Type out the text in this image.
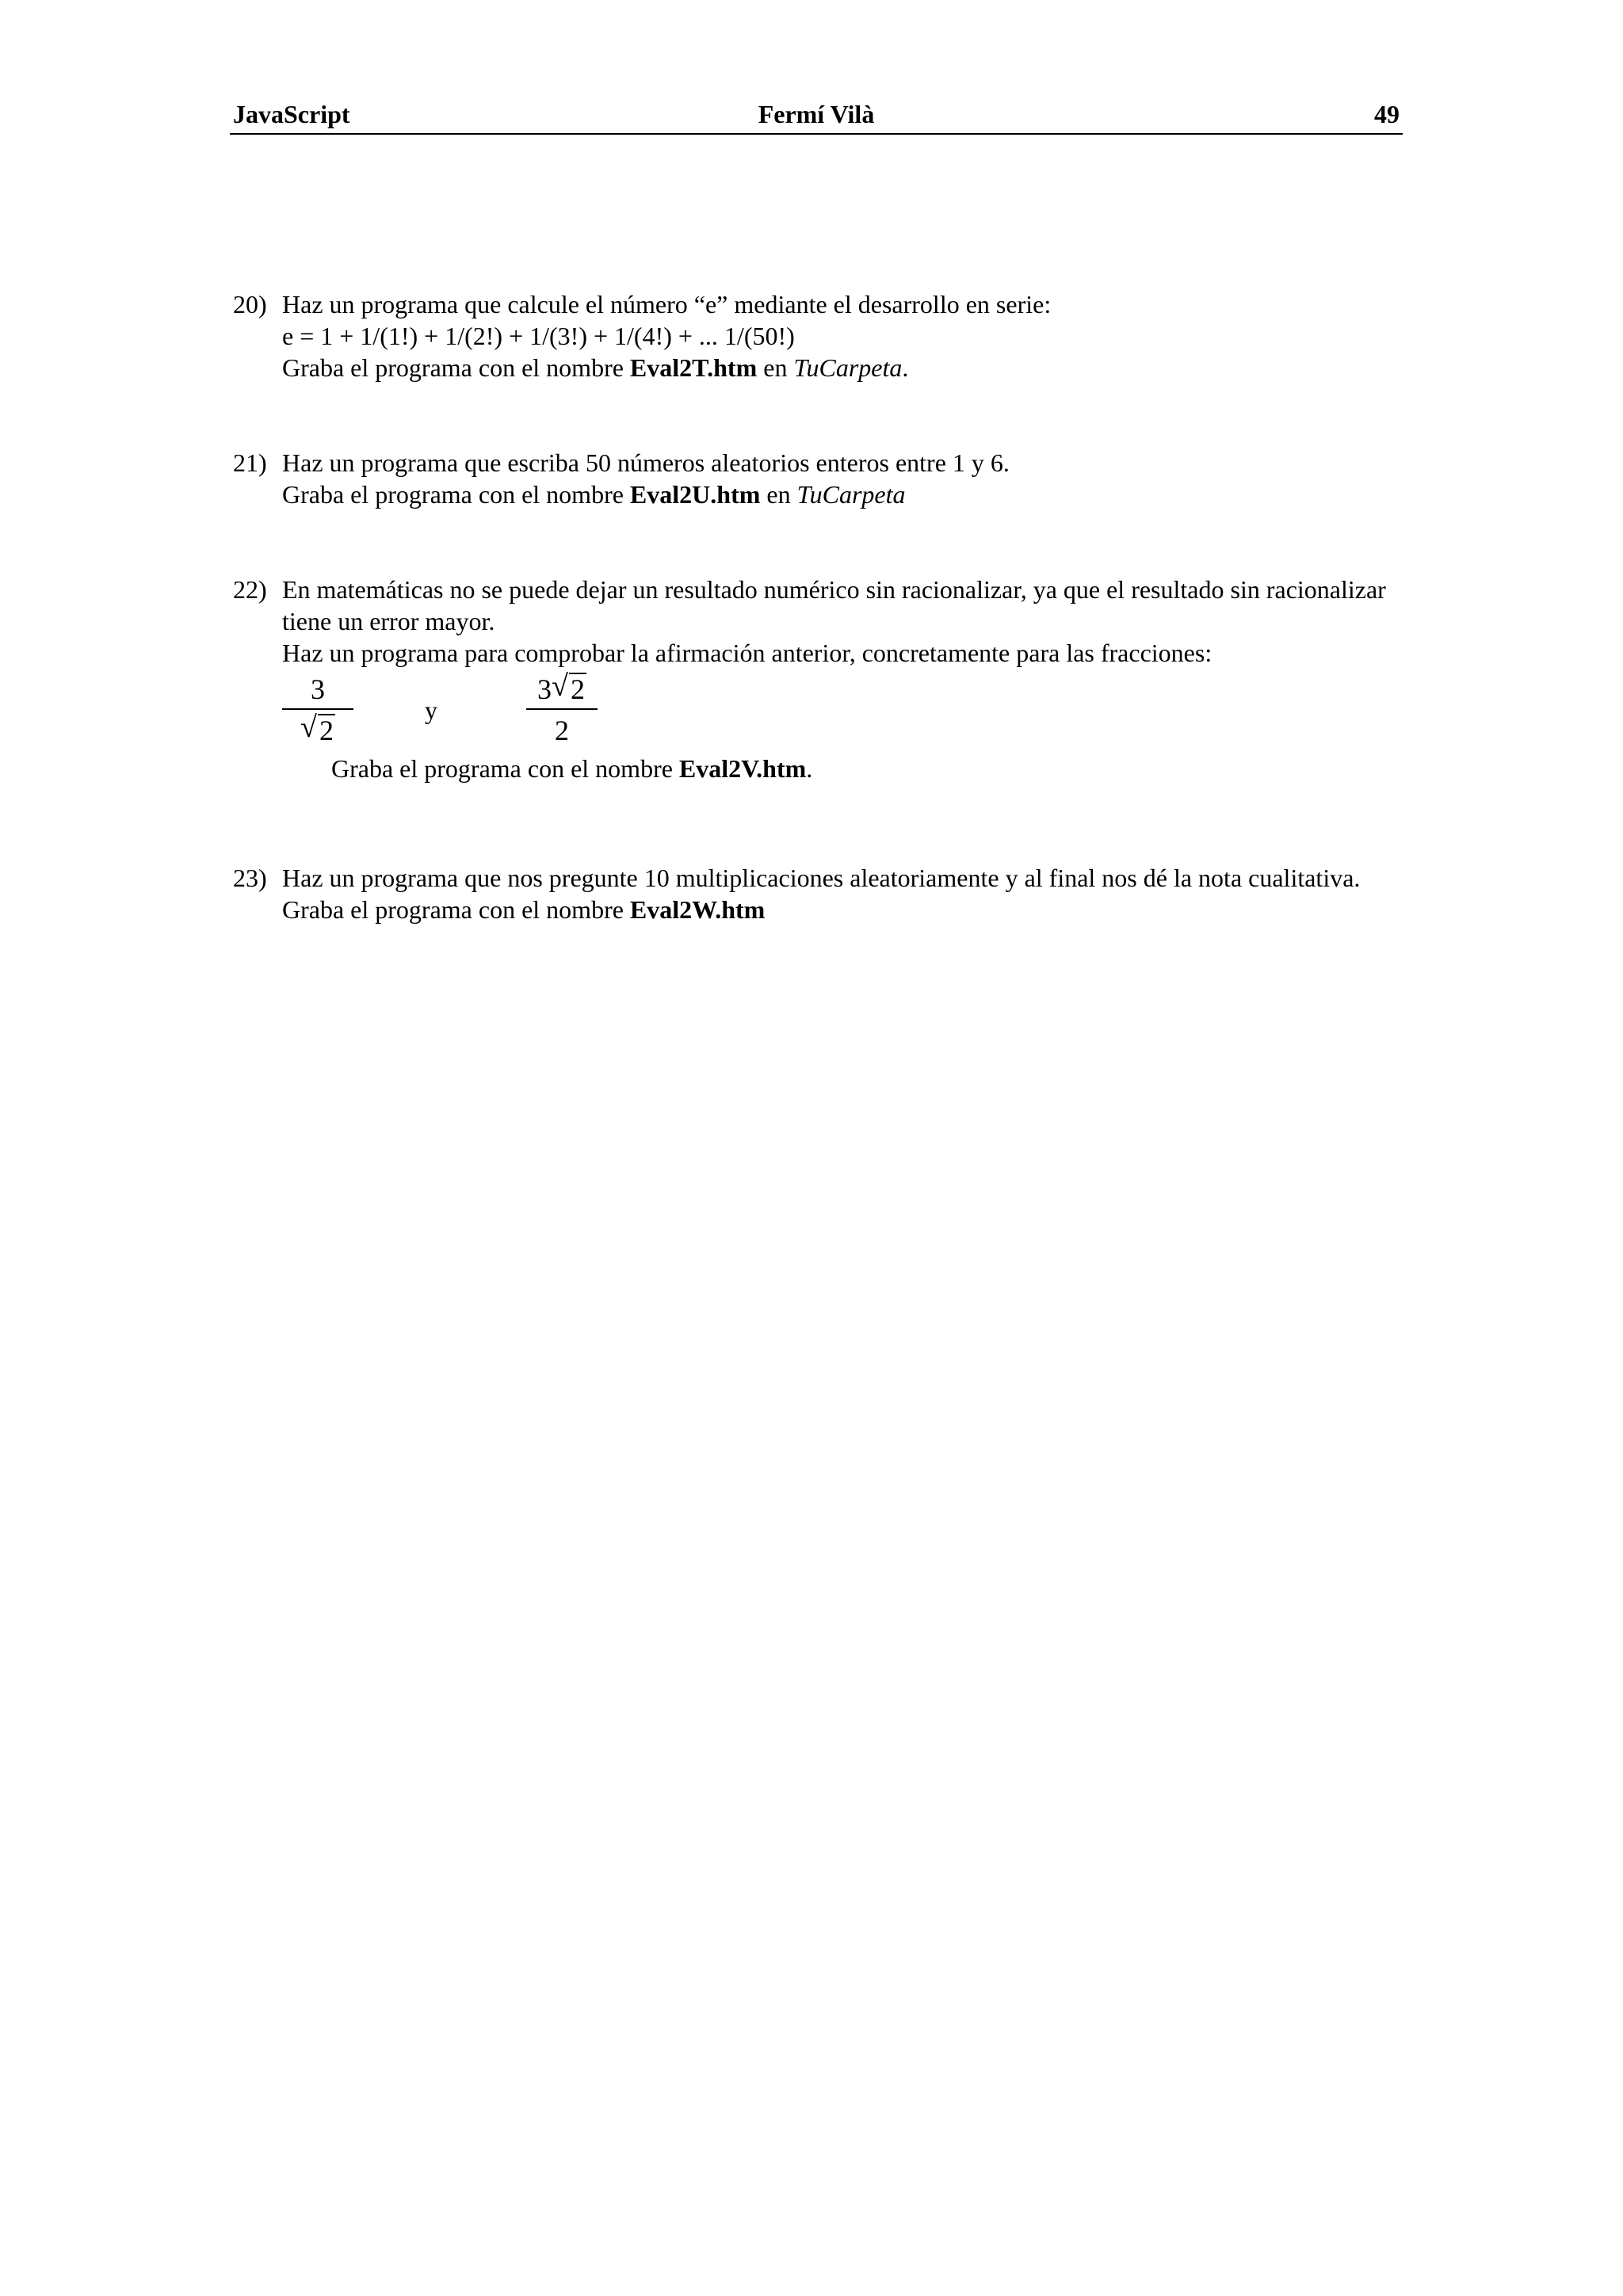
JavaScript	Fermí Vilà	49
20) Haz un programa que calcule el número “e” mediante el desarrollo en serie:
e = 1 + 1/(1!) + 1/(2!) + 1/(3!) + 1/(4!) + ... 1/(50!)
Graba el programa con el nombre Eval2T.htm en TuCarpeta.
21) Haz un programa que escriba 50 números aleatorios enteros entre 1 y 6.
Graba el programa con el nombre Eval2U.htm en TuCarpeta
22) En matemáticas no se puede dejar un resultado numérico sin racionalizar, ya que el resultado sin racionalizar tiene un error mayor.
Haz un programa para comprobar la afirmación anterior, concretamente para las fracciones:
$\frac{3}{√ 2}$	y	$\frac{3 √ 2}{2}$
Graba el programa con el nombre Eval2V.htm.
23) Haz un programa que nos pregunte 10 multiplicaciones aleatoriamente y al final nos dé la nota cualitativa.
Graba el programa con el nombre Eval2W.htm
